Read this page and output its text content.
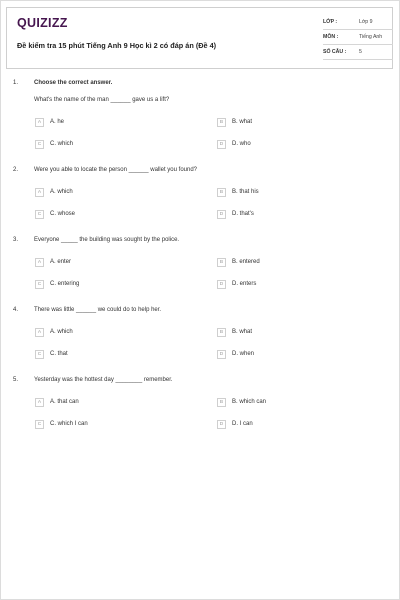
QUIZIZZ
Đề kiểm tra 15 phút Tiếng Anh 9 Học kì 2 có đáp án (Đề 4)
LỚP :	Lớp 9
MÔN :	Tiếng Anh
SỐ CÂU : 5
1.	Choose the correct answer.
What's the name of the man ______ gave us a lift?
A	A. he	B	B. what
C	C. which	D	D. who
2.	Were you able to locate the person ______ wallet you found?
A	A. which	B	B. that his
C	C. whose	D	D. that's
3.	Everyone _____ the building was sought by the police.
A	A. enter	B	B. entered
C	C. entering	D	D. enters
4.	There was little ______ we could do to help her.
A	A. which	B	B. what
C	C. that	D	D. when
5.	Yesterday was the hottest day ________ remember.
A	A. that can	B	B. which can
C	C. which I can	D	D. I can
